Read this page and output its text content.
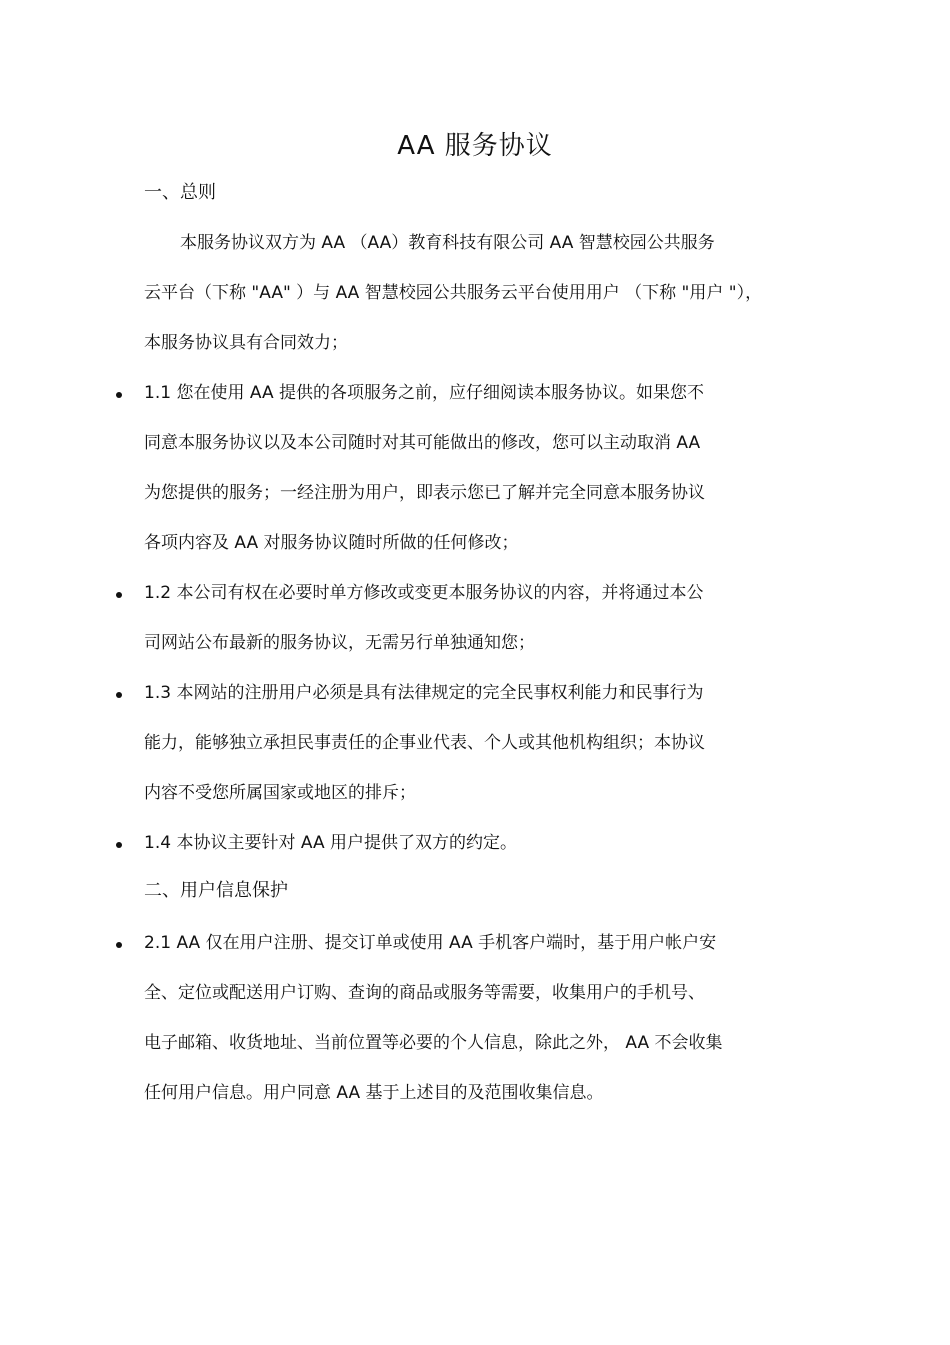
AA 服务协议
一、总则
本服务协议双方为 AA （AA）教育科技有限公司 AA 智慧校园公共服务
云平台（下称 "AA" ）与 AA 智慧校园公共服务云平台使用用户 （下称 "用户 "），
本服务协议具有合同效力；
1.1 您在使用 AA 提供的各项服务之前，应仔细阅读本服务协议。如果您不
同意本服务协议以及本公司随时对其可能做出的修改，您可以主动取消 AA
为您提供的服务；一经注册为用户，即表示您已了解并完全同意本服务协议
各项内容及 AA 对服务协议随时所做的任何修改；
1.2 本公司有权在必要时单方修改或变更本服务协议的内容，并将通过本公
司网站公布最新的服务协议，无需另行单独通知您；
1.3 本网站的注册用户必须是具有法律规定的完全民事权利能力和民事行为
能力，能够独立承担民事责任的企事业代表、个人或其他机构组织；本协议
内容不受您所属国家或地区的排斥；
1.4 本协议主要针对 AA 用户提供了双方的约定。
二、用户信息保护
2.1 AA 仅在用户注册、提交订单或使用 AA 手机客户端时，基于用户帐户安
全、定位或配送用户订购、查询的商品或服务等需要，收集用户的手机号、
电子邮箱、收货地址、当前位置等必要的个人信息，除此之外， AA 不会收集
任何用户信息。用户同意 AA 基于上述目的及范围收集信息。
